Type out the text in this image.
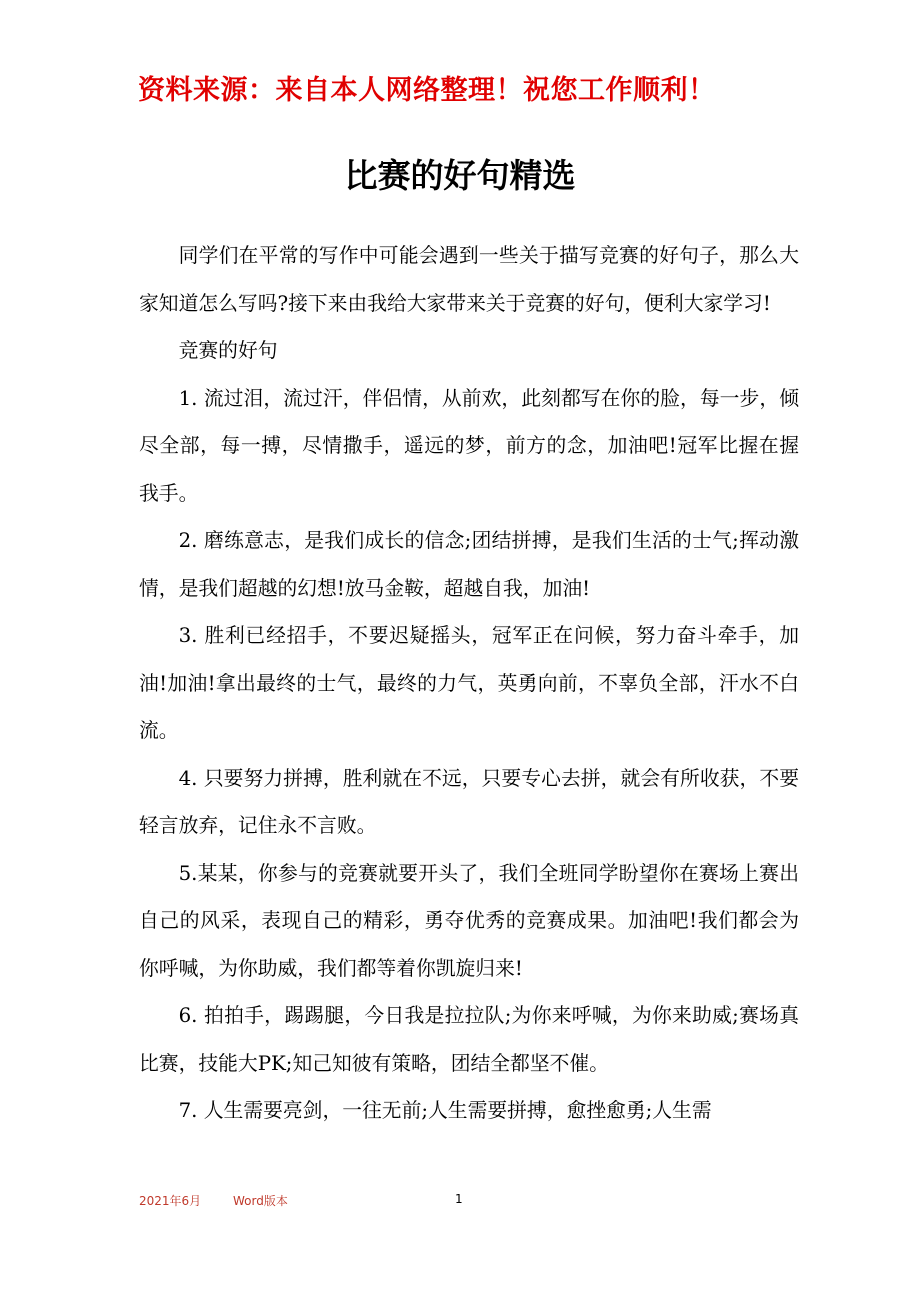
资料来源：来自本人网络整理！祝您工作顺利！
比赛的好句精选

同学们在平常的写作中可能会遇到一些关于描写竞赛的好句子，那么大家知道怎么写吗?接下来由我给大家带来关于竞赛的好句，便利大家学习!

竞赛的好句

1. 流过泪，流过汗，伴侣情，从前欢，此刻都写在你的脸，每一步，倾尽全部，每一搏，尽情撒手，遥远的梦，前方的念，加油吧!冠军比握在握我手。

2. 磨练意志，是我们成长的信念;团结拼搏，是我们生活的士气;挥动激情，是我们超越的幻想!放马金鞍，超越自我，加油!

3. 胜利已经招手，不要迟疑摇头，冠军正在问候，努力奋斗牵手，加油!加油!拿出最终的士气，最终的力气，英勇向前，不辜负全部，汗水不白流。

4. 只要努力拼搏，胜利就在不远，只要专心去拼，就会有所收获，不要轻言放弃，记住永不言败。

5.某某，你参与的竞赛就要开头了，我们全班同学盼望你在赛场上赛出自己的风采，表现自己的精彩，勇夺优秀的竞赛成果。加油吧!我们都会为你呼喊，为你助威，我们都等着你凯旋归来!

6. 拍拍手，踢踢腿，今日我是拉拉队;为你来呼喊，为你来助威;赛场真比赛，技能大PK;知己知彼有策略，团结全都坚不催。

7. 人生需要亮剑，一往无前;人生需要拼搏，愈挫愈勇;人生需

2021年6月	Word版本	1
